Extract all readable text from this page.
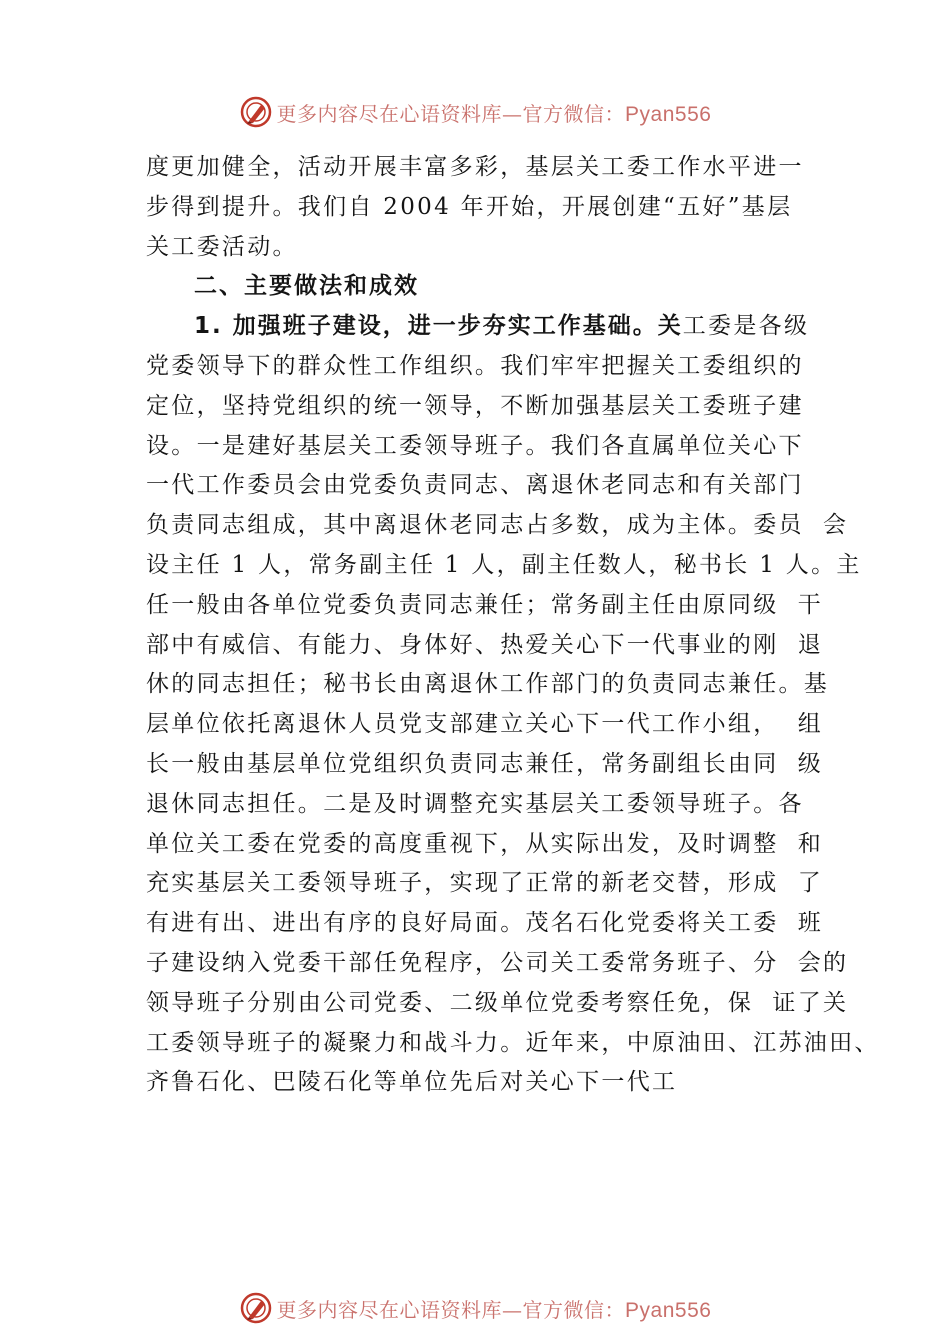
更多内容尽在心语资料库—官方微信：Pyan556
度更加健全，活动开展丰富多彩，基层关工委工作水平进一
步得到提升。我们自 2004 年开始，开展创建“五好”基层
关工委活动。
二、主要做法和成效
1. 加强班子建设，进一步夯实工作基础。关工委是各级
党委领导下的群众性工作组织。我们牢牢把握关工委组织的
定位，坚持党组织的统一领导，不断加强基层关工委班子建
设。一是建好基层关工委领导班子。我们各直属单位关心下
一代工作委员会由党委负责同志、离退休老同志和有关部门
负责同志组成，其中离退休老同志占多数，成为主体。委员  会
设主任 1 人，常务副主任 1 人，副主任数人，秘书长 1 人。主
任一般由各单位党委负责同志兼任；常务副主任由原同级  干
部中有威信、有能力、身体好、热爱关心下一代事业的刚  退
休的同志担任；秘书长由离退休工作部门的负责同志兼任。基
层单位依托离退休人员党支部建立关心下一代工作小组，  组
长一般由基层单位党组织负责同志兼任，常务副组长由同  级
退休同志担任。二是及时调整充实基层关工委领导班子。各
单位关工委在党委的高度重视下，从实际出发，及时调整  和
充实基层关工委领导班子，实现了正常的新老交替，形成  了
有进有出、进出有序的良好局面。茂名石化党委将关工委  班
子建设纳入党委干部任免程序，公司关工委常务班子、分  会的
领导班子分别由公司党委、二级单位党委考察任免，保  证了关
工委领导班子的凝聚力和战斗力。近年来，中原油田、江苏油田、
齐鲁石化、巴陵石化等单位先后对关心下一代工
更多内容尽在心语资料库—官方微信：Pyan556
